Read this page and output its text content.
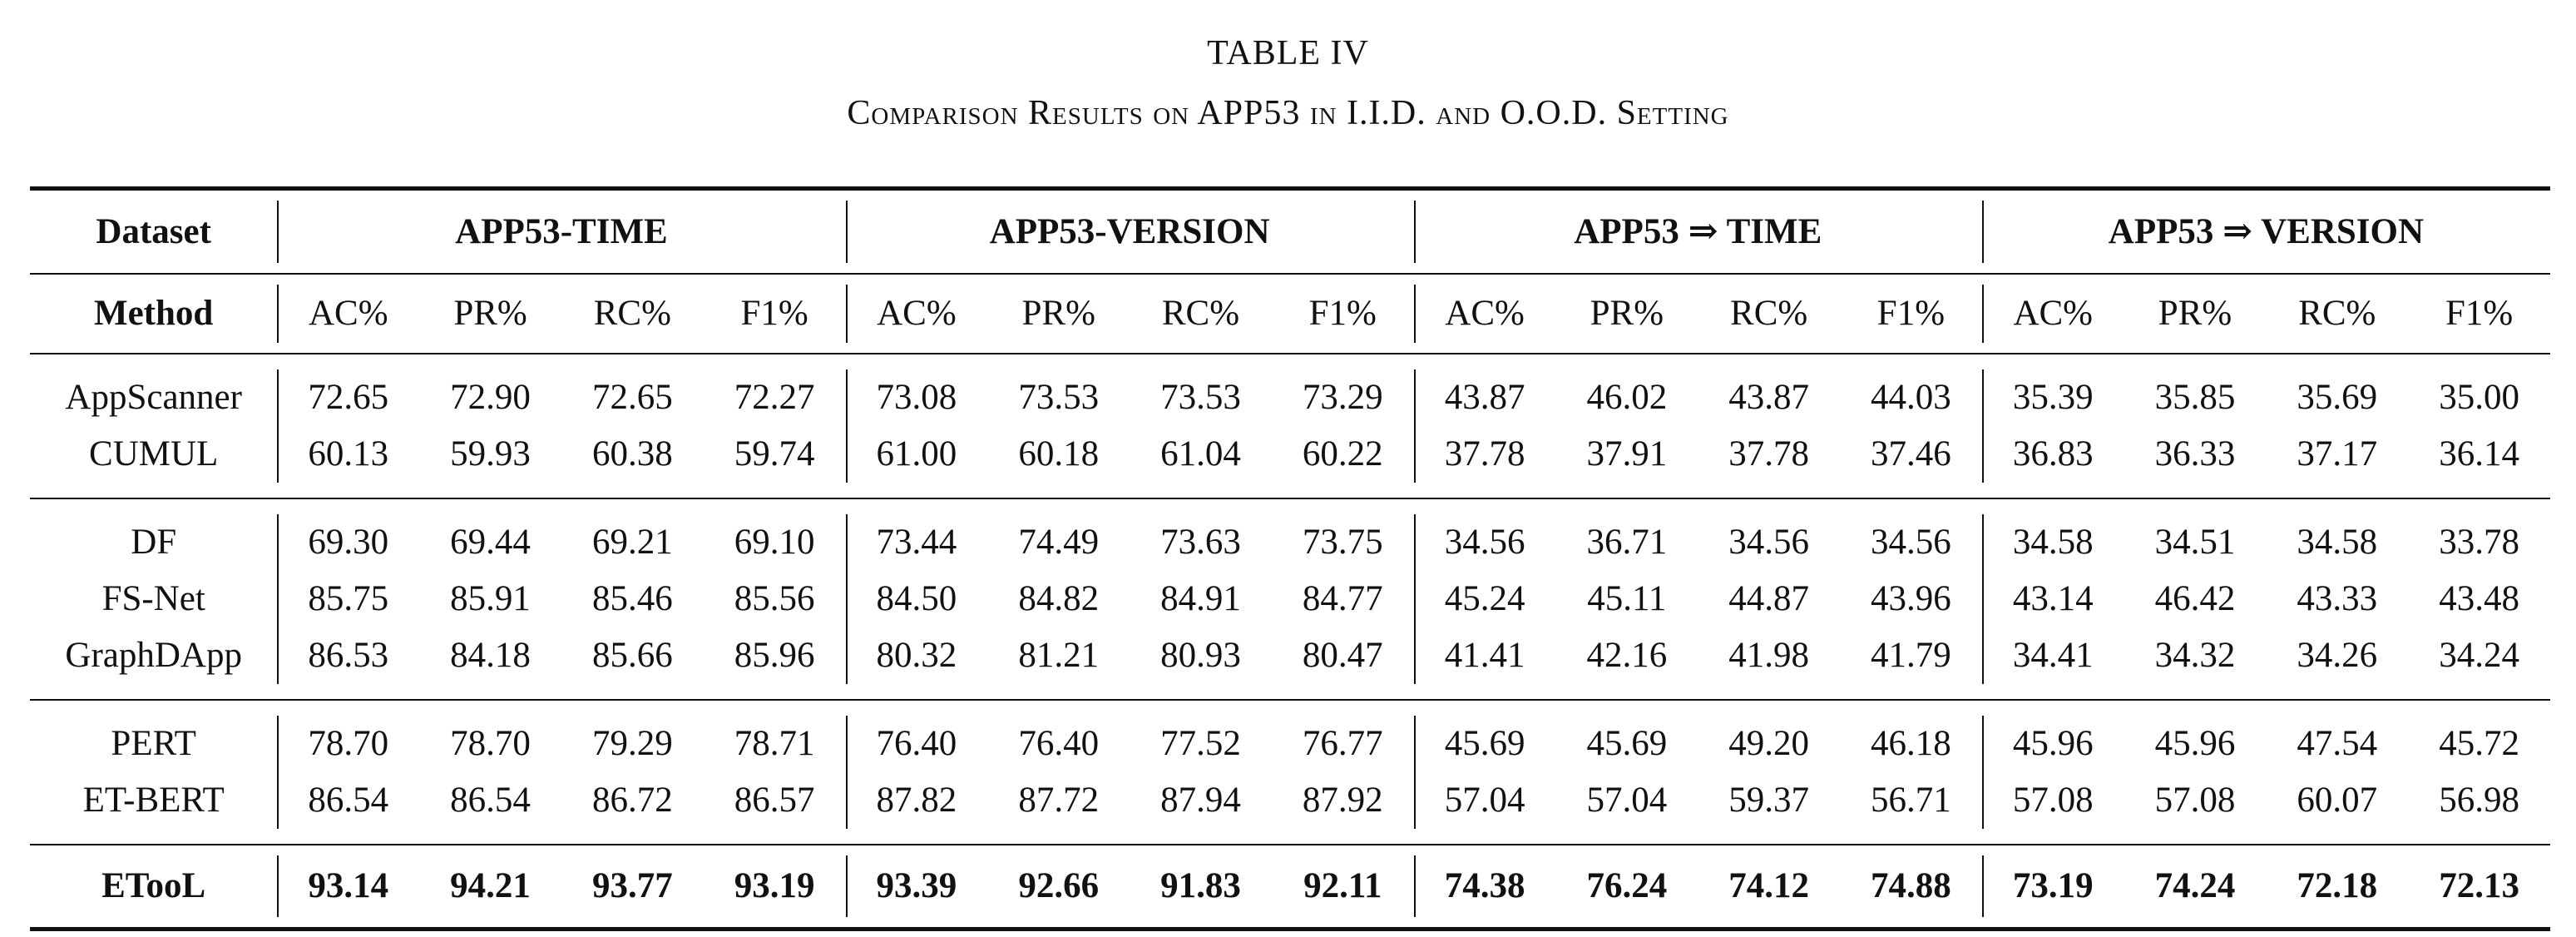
TABLE IV
Comparison Results on APP53 in I.I.D. and O.O.D. Setting
Dataset	APP53-TIME				APP53-VERSION				APP53 ⇒ TIME				APP53 ⇒ VERSION			
Method	AC%	PR%	RC%	F1%	AC%	PR%	RC%	F1%	AC%	PR%	RC%	F1%	AC%	PR%	RC%	F1%
AppScanner	72.65	72.90	72.65	72.27	73.08	73.53	73.53	73.29	43.87	46.02	43.87	44.03	35.39	35.85	35.69	35.00
CUMUL	60.13	59.93	60.38	59.74	61.00	60.18	61.04	60.22	37.78	37.91	37.78	37.46	36.83	36.33	37.17	36.14
DF	69.30	69.44	69.21	69.10	73.44	74.49	73.63	73.75	34.56	36.71	34.56	34.56	34.58	34.51	34.58	33.78
FS-Net	85.75	85.91	85.46	85.56	84.50	84.82	84.91	84.77	45.24	45.11	44.87	43.96	43.14	46.42	43.33	43.48
GraphDApp	86.53	84.18	85.66	85.96	80.32	81.21	80.93	80.47	41.41	42.16	41.98	41.79	34.41	34.32	34.26	34.24
PERT	78.70	78.70	79.29	78.71	76.40	76.40	77.52	76.77	45.69	45.69	49.20	46.18	45.96	45.96	47.54	45.72
ET-BERT	86.54	86.54	86.72	86.57	87.82	87.72	87.94	87.92	57.04	57.04	59.37	56.71	57.08	57.08	60.07	56.98
ETooL	93.14	94.21	93.77	93.19	93.39	92.66	91.83	92.11	74.38	76.24	74.12	74.88	73.19	74.24	72.18	72.13
